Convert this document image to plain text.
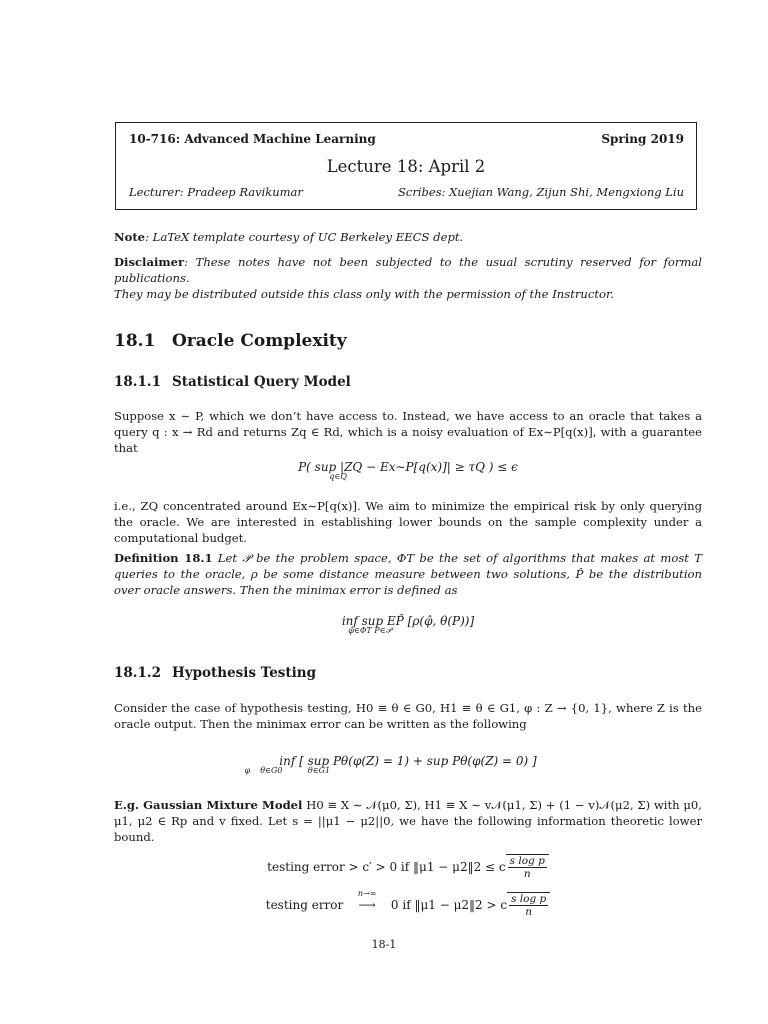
10-716: Advanced Machine Learning	Spring 2019
Lecture 18: April 2
Lecturer: Pradeep Ravikumar	Scribes: Xuejian Wang, Zijun Shi, Mengxiong Liu
Note: LaTeX template courtesy of UC Berkeley EECS dept.
Disclaimer: These notes have not been subjected to the usual scrutiny reserved for formal publications.
They may be distributed outside this class only with the permission of the Instructor.
18.1 Oracle Complexity
18.1.1 Statistical Query Model
Suppose x ∼ P, which we don’t have access to. Instead, we have access to an oracle that takes a query q : x → Rd and returns Zq ∈ Rd, which is a noisy evaluation of Ex∼P[q(x)], with a guarantee that
P( sup |ZQ − Ex∼P[q(x)]| ≥ τQ ) ≤ ϵ
q∈Q
i.e., ZQ concentrated around Ex∼P[q(x)]. We aim to minimize the empirical risk by only querying the oracle. We are interested in establishing lower bounds on the sample complexity under a computational budget.
Definition 18.1 Let 𝒫 be the problem space, ΦT be the set of algorithms that makes at most T queries to the oracle, ρ be some distance measure between two solutions, P̂ be the distribution over oracle answers. Then the minimax error is defined as
inf sup EP̂ [ρ(φ̂, θ(P))]
φ̂∈ΦT P∈𝒫
18.1.2 Hypothesis Testing
Consider the case of hypothesis testing, H0 ≡ θ ∈ G0, H1 ≡ θ ∈ G1, φ : Z → {0, 1}, where Z is the oracle output. Then the minimax error can be written as the following
inf [ sup Pθ(φ(Z) = 1) + sup Pθ(φ(Z) = 0) ]
φ    θ∈G0          θ∈G1
E.g. Gaussian Mixture Model H0 ≡ X ∼ 𝒩(μ0, Σ), H1 ≡ X ∼ v𝒩(μ1, Σ) + (1 − v)𝒩(μ2, Σ) with μ0, μ1, μ2 ∈ Rp and v fixed. Let s = ||μ1 − μ2||0, we have the following information theoretic lower bound.
testing error > c′ > 0 if ‖μ1 − μ2‖2 ≤ c $\frac{\text{s log p}}{n}$
testing error
n→∞
⟶ 0 if ‖μ1 − μ2‖2 > c $\frac{\text{s log p}}{n}$
18-1
